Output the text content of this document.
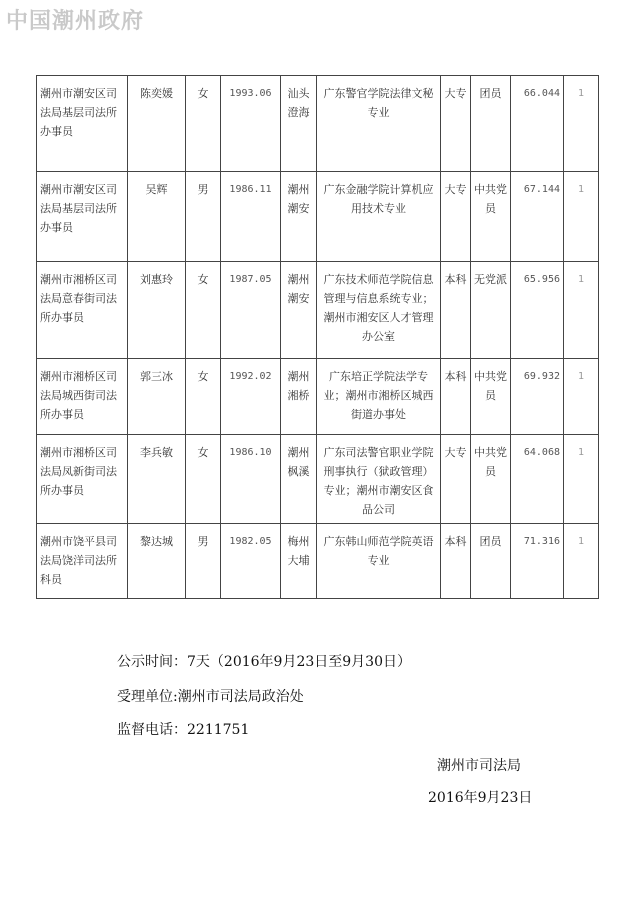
中国潮州政府
潮州市潮安区司法局基层司法所办事员	陈奕媛	女	1993.06	汕头澄海	广东警官学院法律文秘专业	大专	团员	66.044	1
潮州市潮安区司法局基层司法所办事员	吴辉	男	1986.11	潮州潮安	广东金融学院计算机应用技术专业	大专	中共党员	67.144	1
潮州市湘桥区司法局意春街司法所办事员	刘惠玲	女	1987.05	潮州潮安	广东技术师范学院信息管理与信息系统专业；潮州市湘安区人才管理办公室	本科	无党派	65.956	1
潮州市湘桥区司法局城西街司法所办事员	郭三冰	女	1992.02	潮州湘桥	广东培正学院法学专业；潮州市湘桥区城西街道办事处	本科	中共党员	69.932	1
潮州市湘桥区司法局凤新街司法所办事员	李兵敏	女	1986.10	潮州枫溪	广东司法警官职业学院刑事执行（狱政管理）专业；潮州市潮安区食品公司	大专	中共党员	64.068	1
潮州市饶平县司法局饶洋司法所科员	黎达城	男	1982.05	梅州大埔	广东韩山师范学院英语专业	本科	团员	71.316	1
公示时间：7天（2016年9月23日至9月30日）
受理单位:潮州市司法局政治处
监督电话：2211751
潮州市司法局
2016年9月23日
